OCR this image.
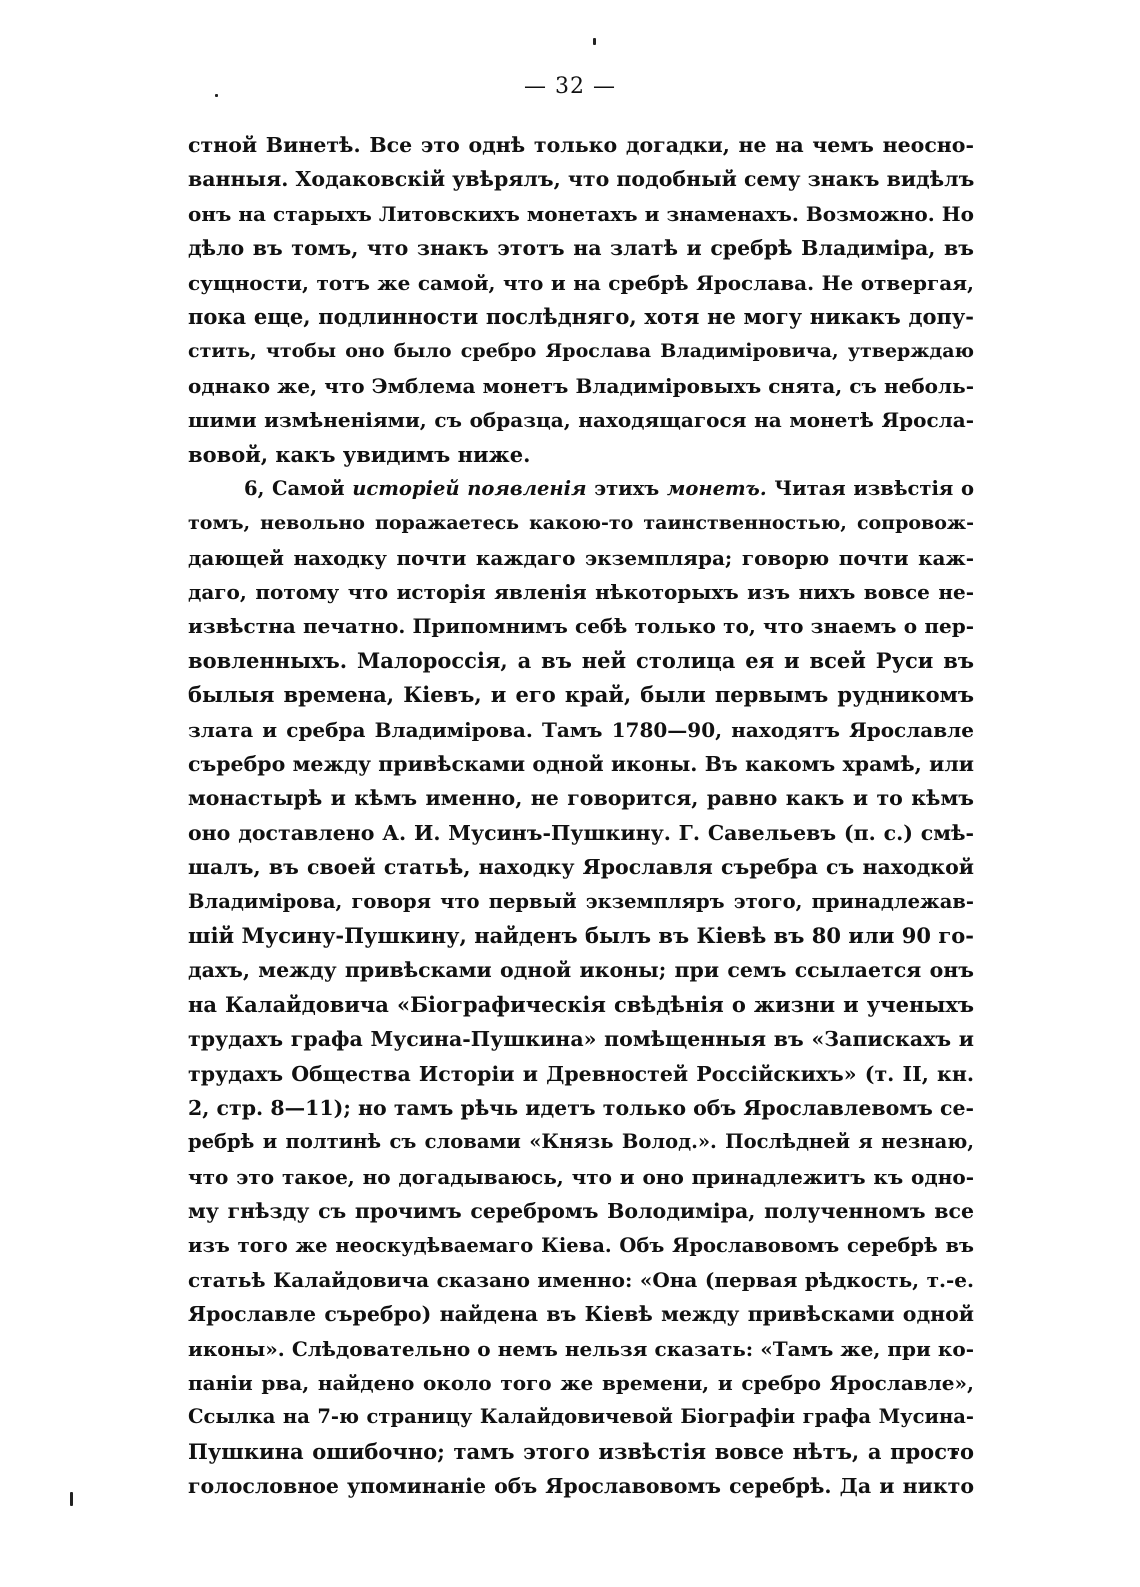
— 32 —
стной Винетѣ. Все это однѣ только догадки, не на чемъ неосно-
ванныя. Ходаковскій увѣрялъ, что подобный сему знакъ видѣлъ
онъ на старыхъ Литовскихъ монетахъ и знаменахъ. Возможно. Но
дѣло въ томъ, что знакъ этотъ на златѣ и сребрѣ Владиміра, въ
сущности, тотъ же самой, что и на сребрѣ Ярослава. Не отвергая,
пока еще, подлинности послѣдняго, хотя не могу никакъ допу-
стить, чтобы оно было сребро Ярослава Владиміровича, утверждаю
однако же, что Эмблема монетъ Владиміровыхъ снята, съ неболь-
шими измѣненіями, съ образца, находящагося на монетѣ Яросла-
вовой, какъ увидимъ ниже.
6, Самой исторіей появленія этихъ монетъ. Читая извѣстія о
томъ, невольно поражаетесь какою-то таинственностью, сопровож-
дающей находку почти каждаго экземпляра; говорю почти каж-
даго, потому что исторія явленія нѣкоторыхъ изъ нихъ вовсе не-
извѣстна печатно. Припомнимъ себѣ только то, что знаемъ о пер-
вовленныхъ. Малороссія, а въ ней столица ея и всей Руси въ
былыя времена, Кіевъ, и его край, были первымъ рудникомъ
злата и сребра Владимірова. Тамъ 1780—90, находятъ Ярославле
сърeбро между привѣсками одной иконы. Въ какомъ храмѣ, или
монастырѣ и кѣмъ именно, не говорится, равно какъ и то кѣмъ
оно доставлено А. И. Мусинъ-Пушкину. Г. Савельевъ (п. с.) смѣ-
шалъ, въ своей статьѣ, находку Ярославля сърeбра съ находкой
Владимірова, говоря что первый экземпляръ этого, принадлежав-
шій Мусину-Пушкину, найденъ былъ въ Кіевѣ въ 80 или 90 го-
дахъ, между привѣсками одной иконы; при семъ ссылается онъ
на Калайдовича «Біографическія свѣдѣнія о жизни и ученыхъ
трудахъ графа Мусина-Пушкина» помѣщенныя въ «Запискахъ и
трудахъ Общества Исторіи и Древностей Россійскихъ» (т. II, кн.
2, стр. 8—11); но тамъ рѣчь идетъ только объ Ярославлевомъ се-
ребрѣ и полтинѣ съ словами «Князь Волод.». Послѣдней я незнаю,
что это такое, но догадываюсь, что и оно принадлежитъ къ одно-
му гнѣзду съ прочимъ серебромъ Володиміра, полученномъ все
изъ того же неоскудѣваемаго Кіева. Объ Ярославовомъ серебрѣ въ
статьѣ Калайдовича сказано именно: «Она (первая рѣдкость, т.-е.
Ярославле сърeбро) найдена въ Кіевѣ между привѣсками одной
иконы». Слѣдовательно о немъ нельзя сказать: «Тамъ же, при ко-
паніи рва, найдено около того же времени, и сребро Ярославле»,
Ссылка на 7-ю страницу Калайдовичевой Біографіи графа Мусина-
Пушкина ошибочно; тамъ этого извѣстія вовсе нѣтъ, а просто
голословное упоминаніе объ Ярославовомъ серебрѣ. Да и никто
